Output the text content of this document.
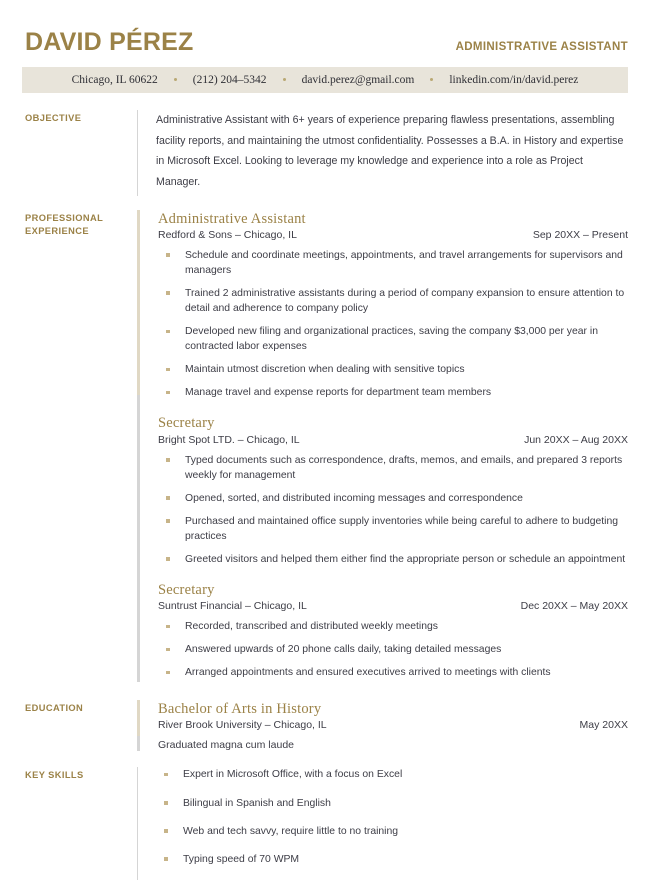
DAVID PÉREZ	ADMINISTRATIVE ASSISTANT
Chicago, IL 60622	(212) 204–5342	david.perez@gmail.com	linkedin.com/in/david.perez
OBJECTIVE	Administrative Assistant with 6+ years of experience preparing flawless presentations, assembling facility reports, and maintaining the utmost confidentiality. Possesses a B.A. in History and expertise in Microsoft Excel. Looking to leverage my knowledge and experience into a role as Project Manager.

PROFESSIONAL
EXPERIENCE
Administrative Assistant
Redford & Sons – Chicago, IL	Sep 20XX – Present
Schedule and coordinate meetings, appointments, and travel arrangements for supervisors and managers
Trained 2 administrative assistants during a period of company expansion to ensure attention to detail and adherence to company policy
Developed new filing and organizational practices, saving the company $3,000 per year in contracted labor expenses
Maintain utmost discretion when dealing with sensitive topics
Manage travel and expense reports for department team members
Secretary
Bright Spot LTD. – Chicago, IL	Jun 20XX – Aug 20XX
Typed documents such as correspondence, drafts, memos, and emails, and prepared 3 reports weekly for management
Opened, sorted, and distributed incoming messages and correspondence
Purchased and maintained office supply inventories while being careful to adhere to budgeting practices
Greeted visitors and helped them either find the appropriate person or schedule an appointment
Secretary
Suntrust Financial – Chicago, IL	Dec 20XX – May 20XX
Recorded, transcribed and distributed weekly meetings
Answered upwards of 20 phone calls daily, taking detailed messages
Arranged appointments and ensured executives arrived to meetings with clients
EDUCATION	Bachelor of Arts in History
River Brook University – Chicago, IL	May 20XX
Graduated magna cum laude
KEY SKILLS	Expert in Microsoft Office, with a focus on Excel
Bilingual in Spanish and English
Web and tech savvy, require little to no training
Typing speed of 70 WPM
